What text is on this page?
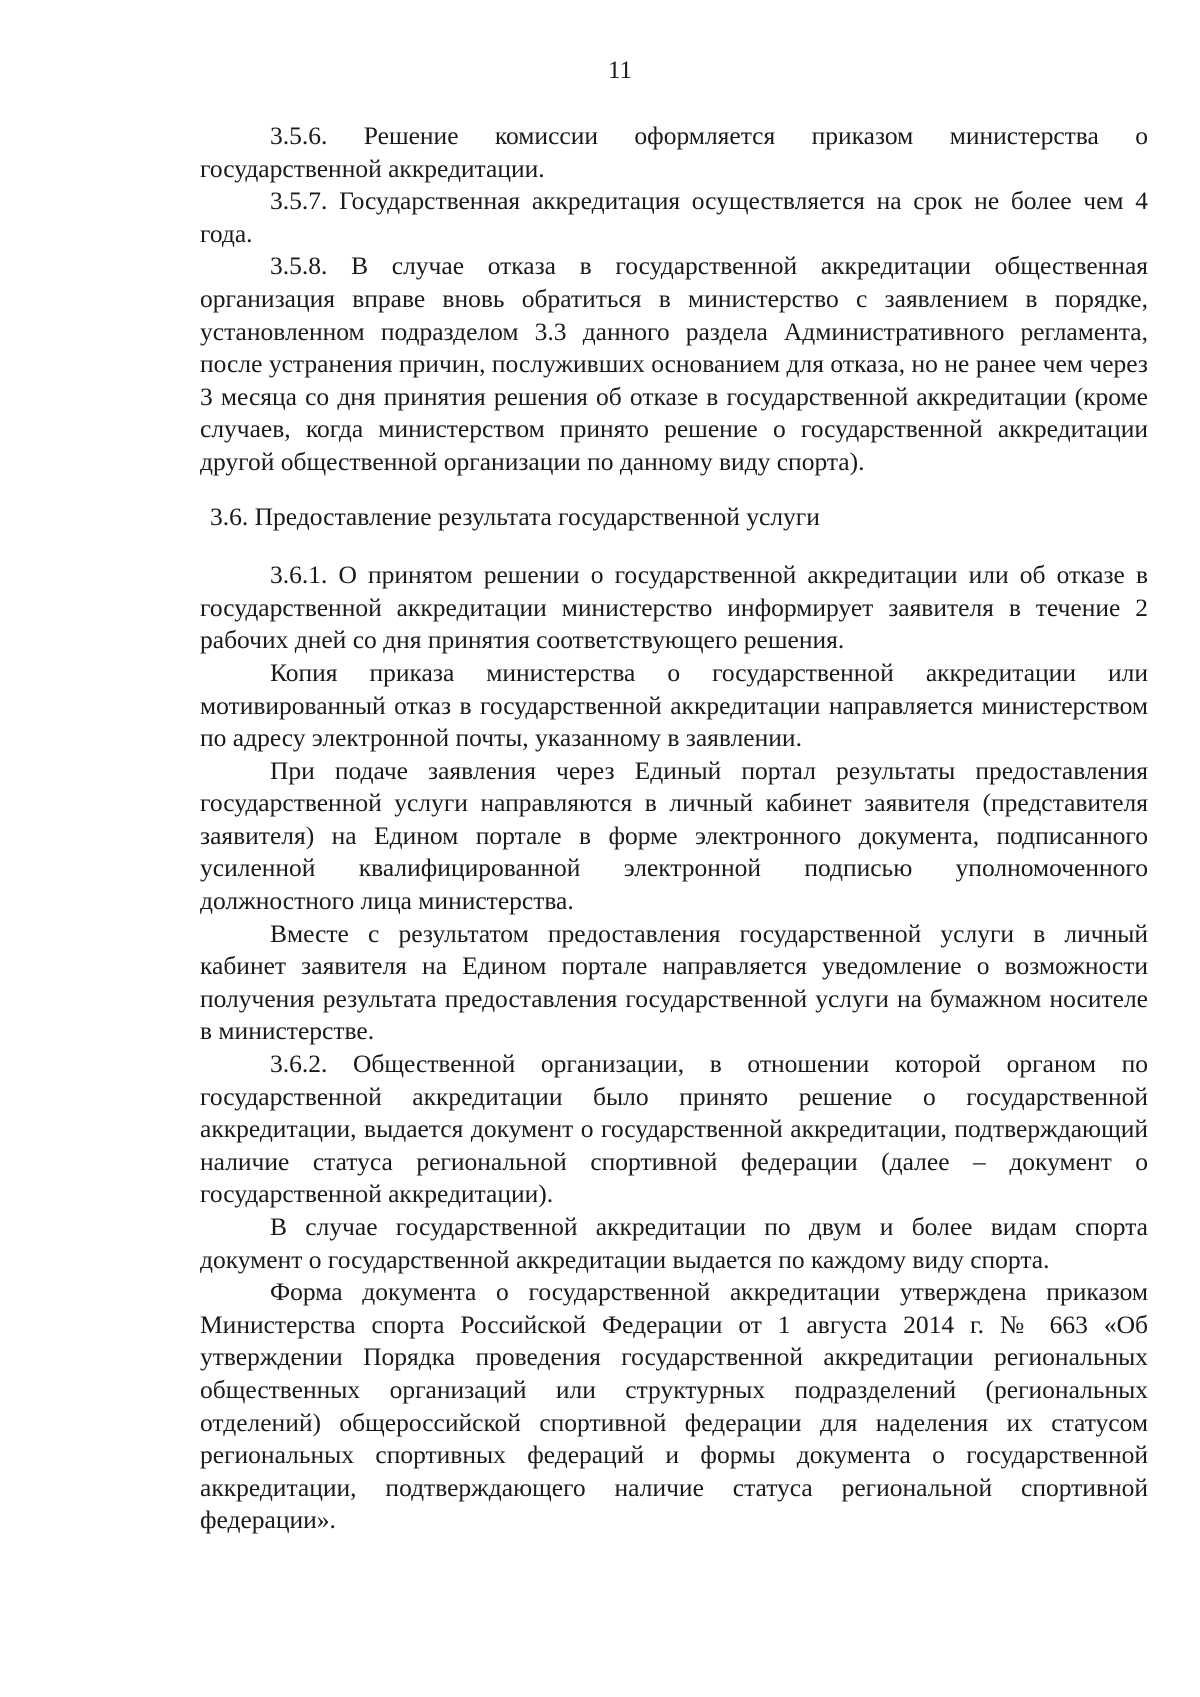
11

3.5.6. Решение комиссии оформляется приказом министерства о государственной аккредитации.

3.5.7. Государственная аккредитация осуществляется на срок не более чем 4 года.

3.5.8. В случае отказа в государственной аккредитации общественная организация вправе вновь обратиться в министерство с заявлением в порядке, установленном подразделом 3.3 данного раздела Административного регламента, после устранения причин, послуживших основанием для отказа, но не ранее чем через 3 месяца со дня принятия решения об отказе в государственной аккредитации (кроме случаев, когда министерством принято решение о государственной аккредитации другой общественной организации по данному виду спорта).

3.6. Предоставление результата государственной услуги

3.6.1. О принятом решении о государственной аккредитации или об отказе в государственной аккредитации министерство информирует заявителя в течение 2 рабочих дней со дня принятия соответствующего решения.

Копия приказа министерства о государственной аккредитации или мотивированный отказ в государственной аккредитации направляется министерством по адресу электронной почты, указанному в заявлении.

При подаче заявления через Единый портал результаты предоставления государственной услуги направляются в личный кабинет заявителя (представителя заявителя) на Едином портале в форме электронного документа, подписанного усиленной квалифицированной электронной подписью уполномоченного должностного лица министерства.

Вместе с результатом предоставления государственной услуги в личный кабинет заявителя на Едином портале направляется уведомление о возможности получения результата предоставления государственной услуги на бумажном носителе в министерстве.

3.6.2. Общественной организации, в отношении которой органом по государственной аккредитации было принято решение о государственной аккредитации, выдается документ о государственной аккредитации, подтверждающий наличие статуса региональной спортивной федерации (далее – документ о государственной аккредитации).

В случае государственной аккредитации по двум и более видам спорта документ о государственной аккредитации выдается по каждому виду спорта.

Форма документа о государственной аккредитации утверждена приказом Министерства спорта Российской Федерации от 1 августа 2014 г. № 663 «Об утверждении Порядка проведения государственной аккредитации региональных общественных организаций или структурных подразделений (региональных отделений) общероссийской спортивной федерации для наделения их статусом региональных спортивных федераций и формы документа о государственной аккредитации, подтверждающего наличие статуса региональной спортивной федерации».
